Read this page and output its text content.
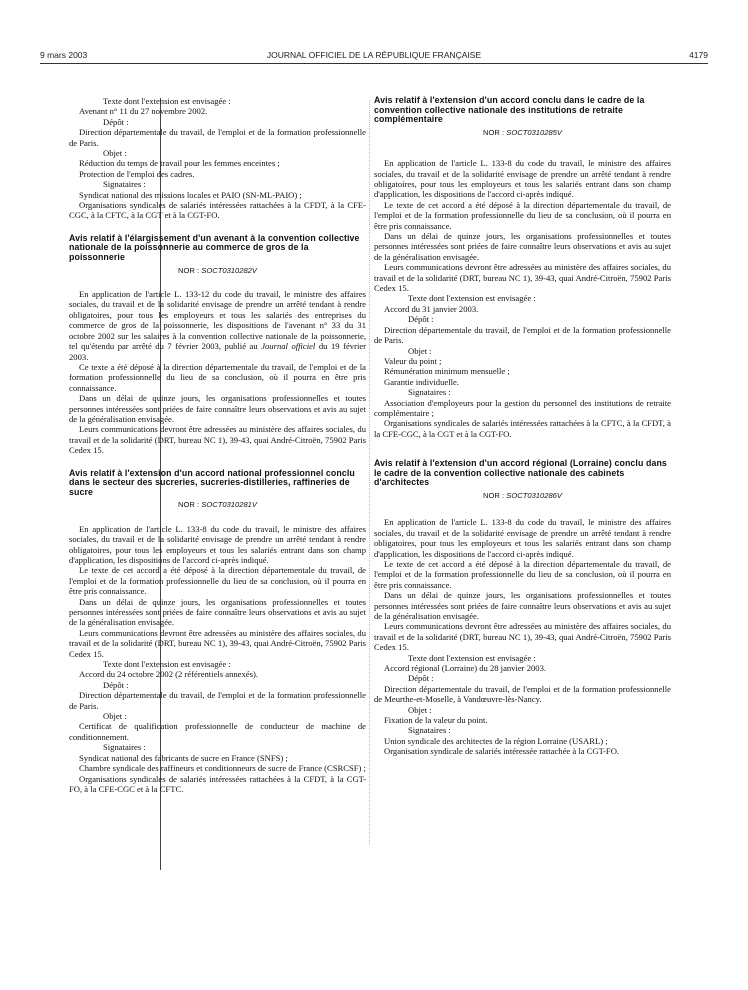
9 mars 2003	JOURNAL OFFICIEL DE LA RÉPUBLIQUE FRANÇAISE	4179
Texte dont l'extension est envisagée :
Avenant n° 11 du 27 novembre 2002.
Dépôt :

Direction départementale du travail, de l'emploi et de la formation professionnelle de Paris.

Objet :

Réduction du temps de travail pour les femmes enceintes ;

Protection de l'emploi des cadres.

Signataires :

Syndicat national des missions locales et PAIO (SN-ML-PAIO) ;

Organisations syndicales de salariés intéressées rattachées à la CFDT, à la CFE-CGC, à la CFTC, à la CGT et à la CGT-FO.

Avis relatif à l'élargissement d'un avenant à la convention collective nationale de la poissonnerie au commerce de gros de la poissonnerie
NOR : SOCT0310282V

En application de l'article L. 133-12 du code du travail, le ministre des affaires sociales, du travail et de la solidarité envisage de prendre un arrêté tendant à rendre obligatoires, pour tous les employeurs et tous les salariés des entreprises du commerce de gros de la poissonnerie, les dispositions de l'avenant n° 33 du 31 octobre 2002 sur les salaires à la convention collective nationale de la poissonnerie, tel qu'étendu par arrêté du 7 février 2003, publié au Journal officiel du 19 février 2003.

Ce texte a été déposé à la direction départementale du travail, de l'emploi et de la formation professionnelle du lieu de sa conclusion, où il pourra en être pris connaissance.

Dans un délai de quinze jours, les organisations professionnelles et toutes personnes intéressées sont priées de faire connaître leurs observations et avis au sujet de la généralisation envisagée.

Leurs communications devront être adressées au ministère des affaires sociales, du travail et de la solidarité (DRT, bureau NC 1), 39-43, quai André-Citroën, 75902 Paris Cedex 15.

Avis relatif à l'extension d'un accord national professionnel conclu dans le secteur des sucreries, sucreries-distilleries, raffineries de sucre
NOR : SOCT0310281V

En application de l'article L. 133-8 du code du travail, le ministre des affaires sociales, du travail et de la solidarité envisage de prendre un arrêté tendant à rendre obligatoires, pour tous les employeurs et tous les salariés entrant dans son champ d'application, les dispositions de l'accord ci-après indiqué.

Le texte de cet accord a été déposé à la direction départementale du travail, de l'emploi et de la formation professionnelle du lieu de sa conclusion, où il pourra en être pris connaissance.

Dans un délai de quinze jours, les organisations professionnelles et toutes personnes intéressées sont priées de faire connaître leurs observations et avis au sujet de la généralisation envisagée.

Leurs communications devront être adressées au ministère des affaires sociales, du travail et de la solidarité (DRT, bureau NC 1), 39-43, quai André-Citroën, 75902 Paris Cedex 15.

Texte dont l'extension est envisagée :
Accord du 24 octobre 2002 (2 référentiels annexés).
Dépôt :

Direction départementale du travail, de l'emploi et de la formation professionnelle de Paris.

Objet :

Certificat de qualification professionnelle de conducteur de machine de conditionnement.

Signataires :

Syndicat national des fabricants de sucre en France (SNFS) ;

Chambre syndicale des raffineurs et conditionneurs de sucre de France (CSRCSF) ;

Organisations syndicales de salariés intéressées rattachées à la CFDT, à la CGT-FO, à la CFE-CGC et à la CFTC.

Avis relatif à l'extension d'un accord conclu dans le cadre de la convention collective nationale des institutions de retraite complémentaire
NOR : SOCT0310285V

En application de l'article L. 133-8 du code du travail, le ministre des affaires sociales, du travail et de la solidarité envisage de prendre un arrêté tendant à rendre obligatoires, pour tous les employeurs et tous les salariés entrant dans son champ d'application, les dispositions de l'accord ci-après indiqué.

Le texte de cet accord a été déposé à la direction départementale du travail, de l'emploi et de la formation professionnelle du lieu de sa conclusion, où il pourra en être pris connaissance.

Dans un délai de quinze jours, les organisations professionnelles et toutes personnes intéressées sont priées de faire connaître leurs observations et avis au sujet de la généralisation envisagée.

Leurs communications devront être adressées au ministère des affaires sociales, du travail et de la solidarité (DRT, bureau NC 1), 39-43, quai André-Citroën, 75902 Paris Cedex 15.

Texte dont l'extension est envisagée :
Accord du 31 janvier 2003.
Dépôt :

Direction départementale du travail, de l'emploi et de la formation professionnelle de Paris.

Objet :

Valeur du point ;

Rémunération minimum mensuelle ;

Garantie individuelle.

Signataires :

Association d'employeurs pour la gestion du personnel des institutions de retraite complémentaire ;

Organisations syndicales de salariés intéressées rattachées à la CFTC, à la CFDT, à la CFE-CGC, à la CGT et à la CGT-FO.

Avis relatif à l'extension d'un accord régional (Lorraine) conclu dans le cadre de la convention collective nationale des cabinets d'architectes
NOR : SOCT0310286V

En application de l'article L. 133-8 du code du travail, le ministre des affaires sociales, du travail et de la solidarité envisage de prendre un arrêté tendant à rendre obligatoires, pour tous les employeurs et tous les salariés entrant dans son champ d'application, les dispositions de l'accord ci-après indiqué.

Le texte de cet accord a été déposé à la direction départementale du travail, de l'emploi et de la formation professionnelle du lieu de sa conclusion, où il pourra en être pris connaissance.

Dans un délai de quinze jours, les organisations professionnelles et toutes personnes intéressées sont priées de faire connaître leurs observations et avis au sujet de la généralisation envisagée.

Leurs communications devront être adressées au ministère des affaires sociales, du travail et de la solidarité (DRT, bureau NC 1), 39-43, quai André-Citroën, 75902 Paris Cedex 15.

Texte dont l'extension est envisagée :
Accord régional (Lorraine) du 28 janvier 2003.
Dépôt :

Direction départementale du travail, de l'emploi et de la formation professionnelle de Meurthe-et-Moselle, à Vandœuvre-lès-Nancy.

Objet :

Fixation de la valeur du point.

Signataires :

Union syndicale des architectes de la région Lorraine (USARL) ;

Organisation syndicale de salariés intéressée rattachée à la CGT-FO.
